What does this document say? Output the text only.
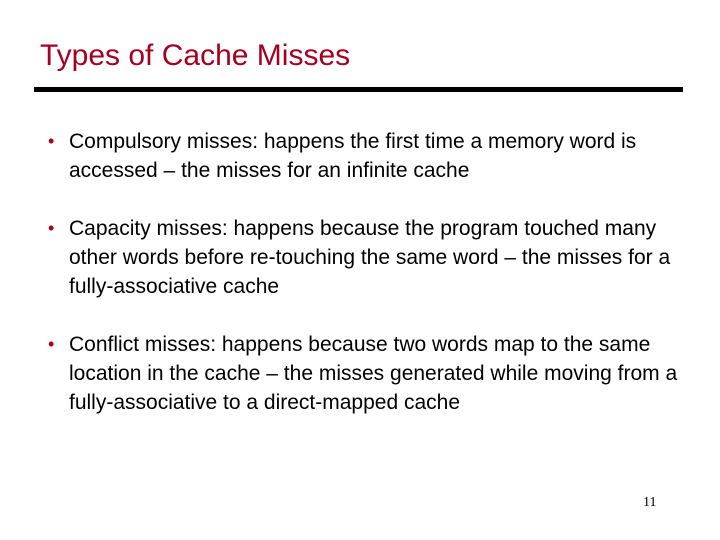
Types of Cache Misses
• Compulsory misses: happens the first time a memory word is accessed – the misses for an infinite cache
• Capacity misses: happens because the program touched many other words before re-touching the same word – the misses for a fully-associative cache
• Conflict misses: happens because two words map to the same location in the cache – the misses generated while moving from a fully-associative to a direct-mapped cache
11
